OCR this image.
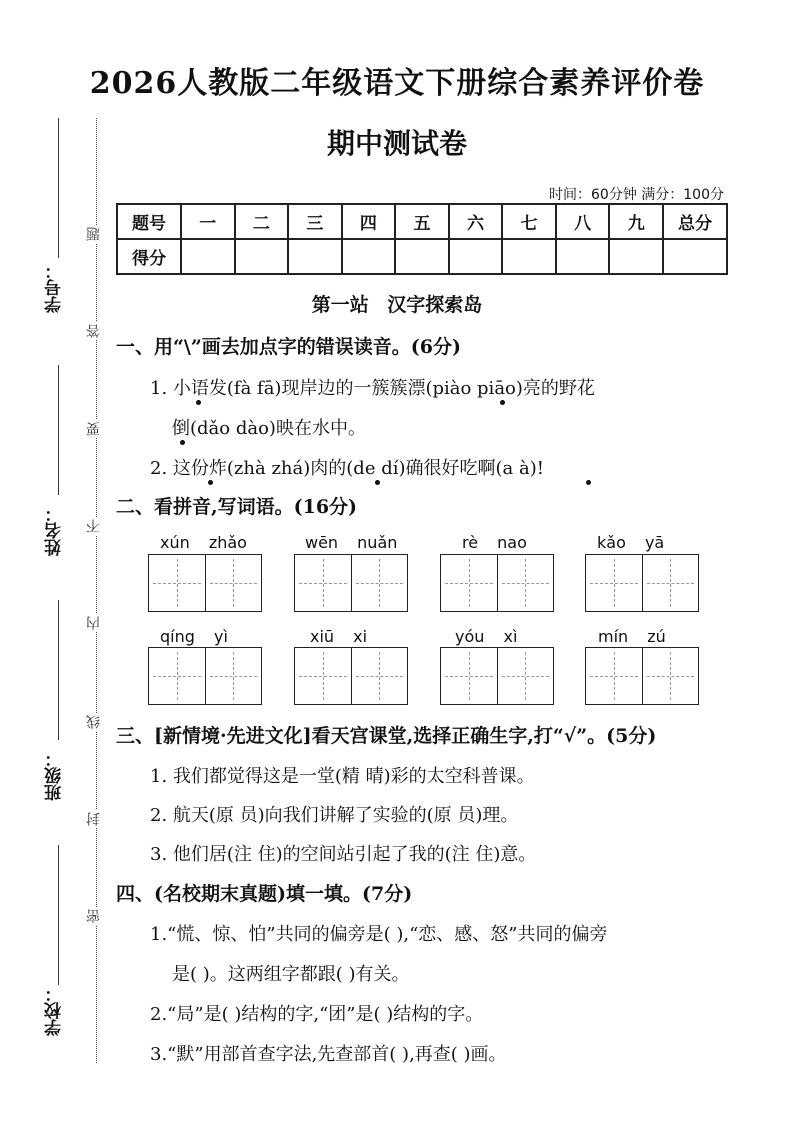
学号：
姓名：
班级：
学校：
题
答
要
不
内
线
封
密
2026人教版二年级语文下册综合素养评价卷
期中测试卷
时间：60分钟 满分：100分
题号	一	二	三	四	五	六	七	八	九	总分
得分										
第一站 汉字探索岛
一、用“\”画去加点字的错误读音。(6分)
1. 小语发(fà fā)现岸边的一簇簇漂(piào piāo)亮的野花
倒(dǎo dào)映在水中。
2. 这份炸(zhà zhá)肉的(de dí)确很好吃啊(a à)!
二、看拼音,写词语。(16分)
xún zhǎo	wēn nuǎn	rè nao	kǎo yā
qíng yì	xiū xi	yóu xì	mín zú
三、[新情境·先进文化]看天宫课堂,选择正确生字,打“√”。(5分)
1. 我们都觉得这是一堂(精 晴)彩的太空科普课。
2. 航天(原 员)向我们讲解了实验的(原 员)理。
3. 他们居(注 住)的空间站引起了我的(注 住)意。
四、(名校期末真题)填一填。(7分)
1.“慌、惊、怕”共同的偏旁是( ),“恋、感、怒”共同的偏旁
是( )。这两组字都跟( )有关。
2.“局”是( )结构的字,“团”是( )结构的字。
3.“默”用部首查字法,先查部首( ),再查( )画。
